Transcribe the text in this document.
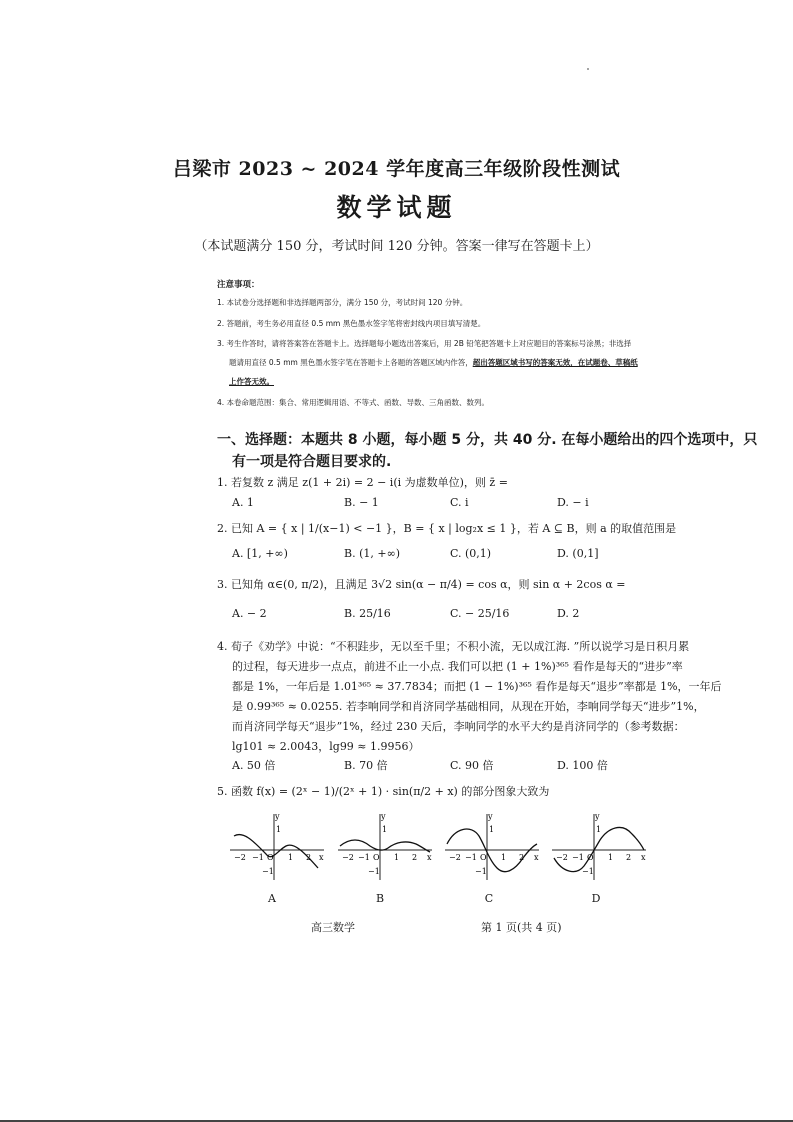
吕梁市 2023 ~ 2024 学年度高三年级阶段性测试
数学试题
（本试题满分 150 分，考试时间 120 分钟。答案一律写在答题卡上）
注意事项：
1. 本试卷分选择题和非选择题两部分，满分 150 分，考试时间 120 分钟。
2. 答题前，考生务必用直径 0.5 mm 黑色墨水签字笔将密封线内项目填写清楚。
3. 考生作答时，请将答案答在答题卡上。选择题每小题选出答案后，用 2B 铅笔把答题卡上对应题目的答案标号涂黑；非选择
题请用直径 0.5 mm 黑色墨水签字笔在答题卡上各题的答题区域内作答，超出答题区域书写的答案无效，在试题卷、草稿纸
上作答无效。
4. 本卷命题范围：集合、常用逻辑用语、不等式、函数、导数、三角函数、数列。
一、选择题：本题共 8 小题，每小题 5 分，共 40 分. 在每小题给出的四个选项中，只
有一项是符合题目要求的.
1. 若复数 z 满足 z(1 + 2i) = 2 − i(i 为虚数单位)，则 z̄ =
A. 1	B. − 1	C. i	D. − i
2. 已知 A = { x | 1/(x−1) < −1 }，B = { x | log₂x ≤ 1 }，若 A ⊆ B，则 a 的取值范围是
A. [1, +∞)	B. (1, +∞)	C. (0,1)	D. (0,1]
3. 已知角 α∈(0, π/2)，且满足 3√2 sin(α − π/4) = cos α，则 sin α + 2cos α =
A. − 2	B. 25/16	C. − 25/16	D. 2
4. 荀子《劝学》中说：“不积跬步，无以至千里；不积小流，无以成江海. ”所以说学习是日积月累
的过程，每天进步一点点，前进不止一小点. 我们可以把 (1 + 1%)³⁶⁵ 看作是每天的“进步”率
都是 1%，一年后是 1.01³⁶⁵ ≈ 37.7834；而把 (1 − 1%)³⁶⁵ 看作是每天“退步”率都是 1%，一年后
是 0.99³⁶⁵ ≈ 0.0255. 若李响同学和肖济同学基础相同，从现在开始，李响同学每天“进步”1%，
而肖济同学每天“退步”1%，经过 230 天后，李响同学的水平大约是肖济同学的（参考数据：
lg101 ≈ 2.0043，lg99 ≈ 1.9956）
A. 50 倍	B. 70 倍	C. 90 倍	D. 100 倍
5. 函数 f(x) = (2ˣ − 1)/(2ˣ + 1) · sin(π/2 + x) 的部分图象大致为
y
x
1
−1
−2 −1 O 1 2
A
y
x
1
−1
−2 −1 O 1 2
B
y
x
1
−1
−2 −1 O 1 2
C
y
x
1
−1
−2 −1 O 1 2
D
高三数学	第 1 页(共 4 页)
